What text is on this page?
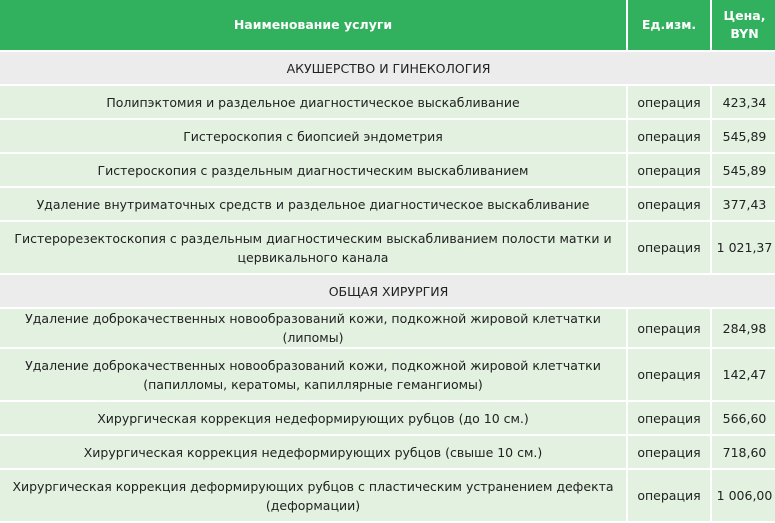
Наименование услуги	Ед.изм.	Цена,
BYN
АКУШЕРСТВО И ГИНЕКОЛОГИЯ		
Полипэктомия и раздельное диагностическое выскабливание	операция	423,34
Гистероскопия с биопсией эндометрия	операция	545,89
Гистероскопия с раздельным диагностическим выскабливанием	операция	545,89
Удаление внутриматочных средств и раздельное диагностическое выскабливание	операция	377,43
Гистерорезектоскопия с раздельным диагностическим выскабливанием полости матки и цервикального канала	операция	1 021,37
ОБЩАЯ ХИРУРГИЯ		
Удаление доброкачественных новообразований кожи, подкожной жировой клетчатки (липомы)	операция	284,98
Удаление доброкачественных новообразований кожи, подкожной жировой клетчатки (папилломы, кератомы, капиллярные гемангиомы)	операция	142,47
Хирургическая коррекция недеформирующих рубцов (до 10 см.)	операция	566,60
Хирургическая коррекция недеформирующих рубцов (свыше 10 см.)	операция	718,60
Хирургическая коррекция деформирующих рубцов с пластическим устранением дефекта (деформации)	операция	1 006,00
